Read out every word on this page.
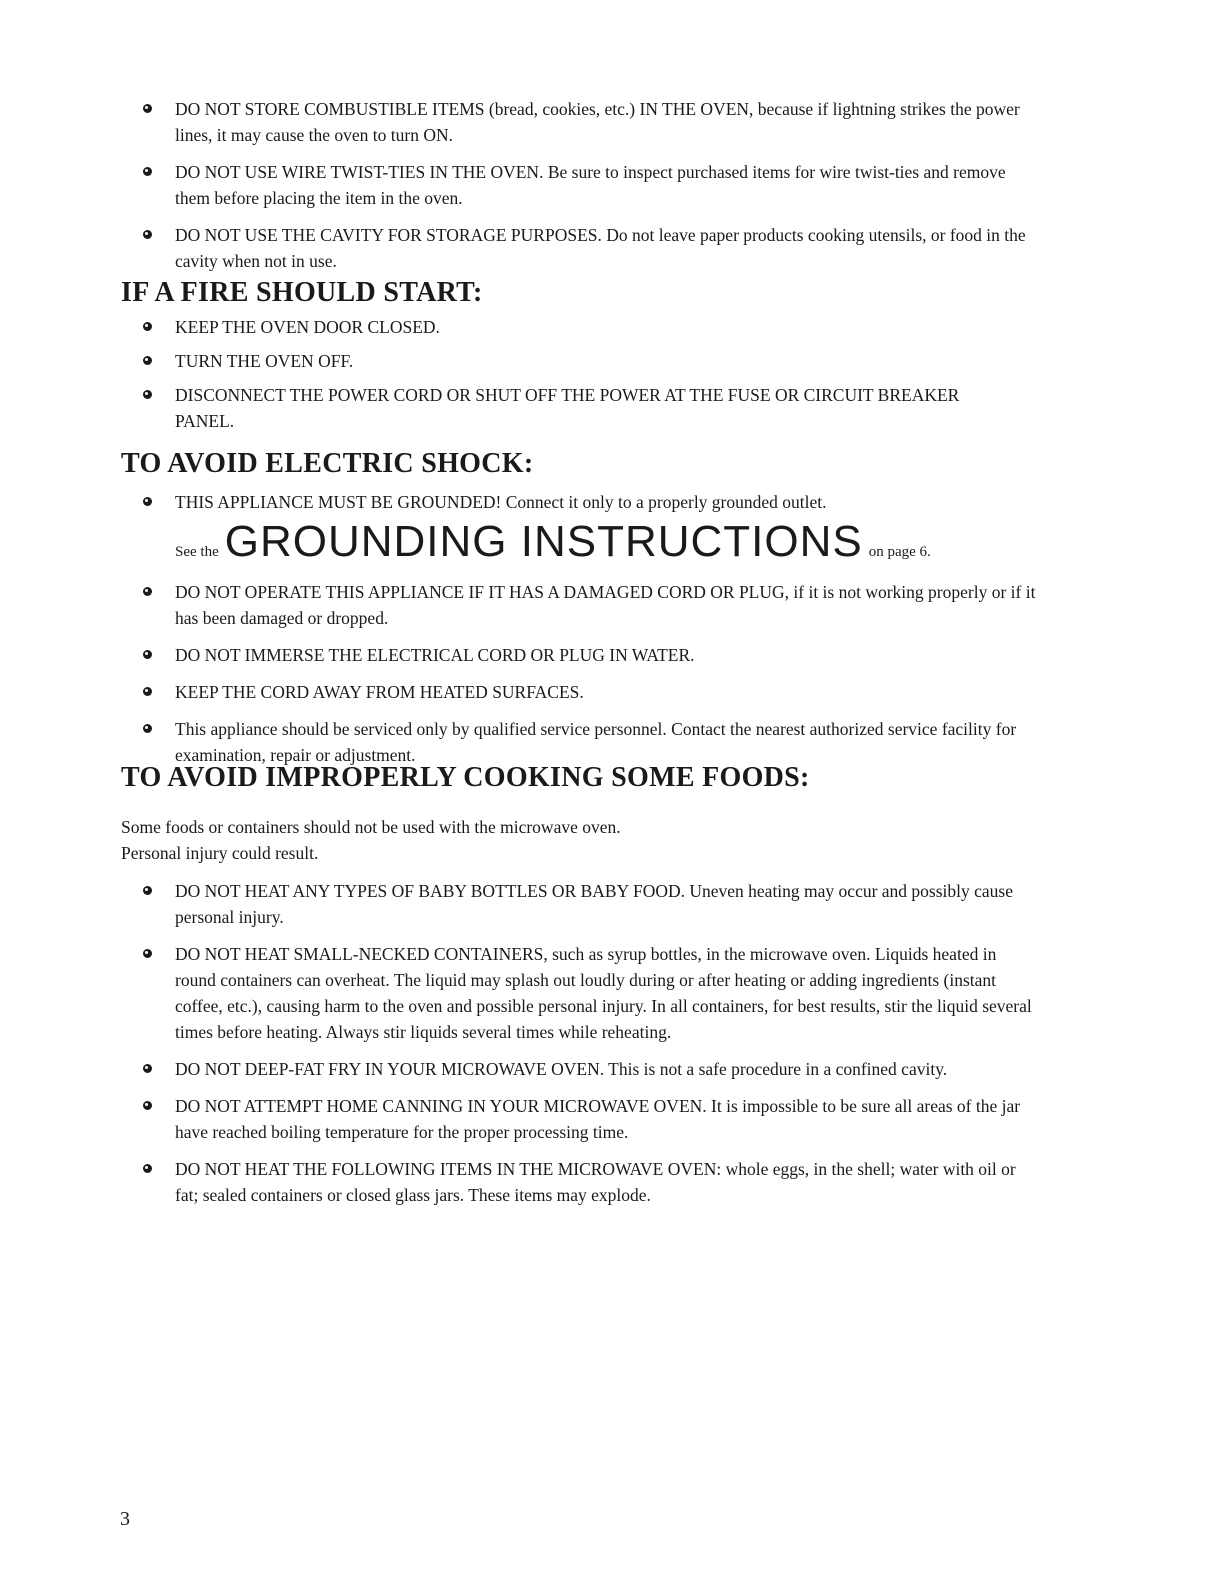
DO NOT STORE COMBUSTIBLE ITEMS (bread, cookies, etc.) IN THE OVEN, because if lightning strikes the power lines, it may cause the oven to turn ON.
DO NOT USE WIRE TWIST-TIES IN THE OVEN. Be sure to inspect purchased items for wire twist-ties and remove them before placing the item in the oven.
DO NOT USE THE CAVITY FOR STORAGE PURPOSES. Do not leave paper products cooking utensils, or food in the cavity when not in use.
IF A FIRE SHOULD START:
KEEP THE OVEN DOOR CLOSED.
TURN THE OVEN OFF.
DISCONNECT THE POWER CORD OR SHUT OFF THE POWER AT THE FUSE OR CIRCUIT BREAKER PANEL.
TO AVOID ELECTRIC SHOCK:
THIS APPLIANCE MUST BE GROUNDED! Connect it only to a properly grounded outlet.
See the GROUNDING INSTRUCTIONS on page 6.
DO NOT OPERATE THIS APPLIANCE IF IT HAS A DAMAGED CORD OR PLUG, if it is not working properly or if it has been damaged or dropped.
DO NOT IMMERSE THE ELECTRICAL CORD OR PLUG IN WATER.
KEEP THE CORD AWAY FROM HEATED SURFACES.
This appliance should be serviced only by qualified service personnel. Contact the nearest authorized service facility for examination, repair or adjustment.
TO AVOID IMPROPERLY COOKING SOME FOODS:

Some foods or containers should not be used with the microwave oven.
Personal injury could result.

DO NOT HEAT ANY TYPES OF BABY BOTTLES OR BABY FOOD. Uneven heating may occur and possibly cause personal injury.
DO NOT HEAT SMALL-NECKED CONTAINERS, such as syrup bottles, in the microwave oven. Liquids heated in round containers can overheat. The liquid may splash out loudly during or after heating or adding ingredients (instant coffee, etc.), causing harm to the oven and possible personal injury. In all containers, for best results, stir the liquid several times before heating. Always stir liquids several times while reheating.
DO NOT DEEP-FAT FRY IN YOUR MICROWAVE OVEN. This is not a safe procedure in a confined cavity.
DO NOT ATTEMPT HOME CANNING IN YOUR MICROWAVE OVEN. It is impossible to be sure all areas of the jar have reached boiling temperature for the proper processing time.
DO NOT HEAT THE FOLLOWING ITEMS IN THE MICROWAVE OVEN: whole eggs, in the shell; water with oil or fat; sealed containers or closed glass jars. These items may explode.
3
